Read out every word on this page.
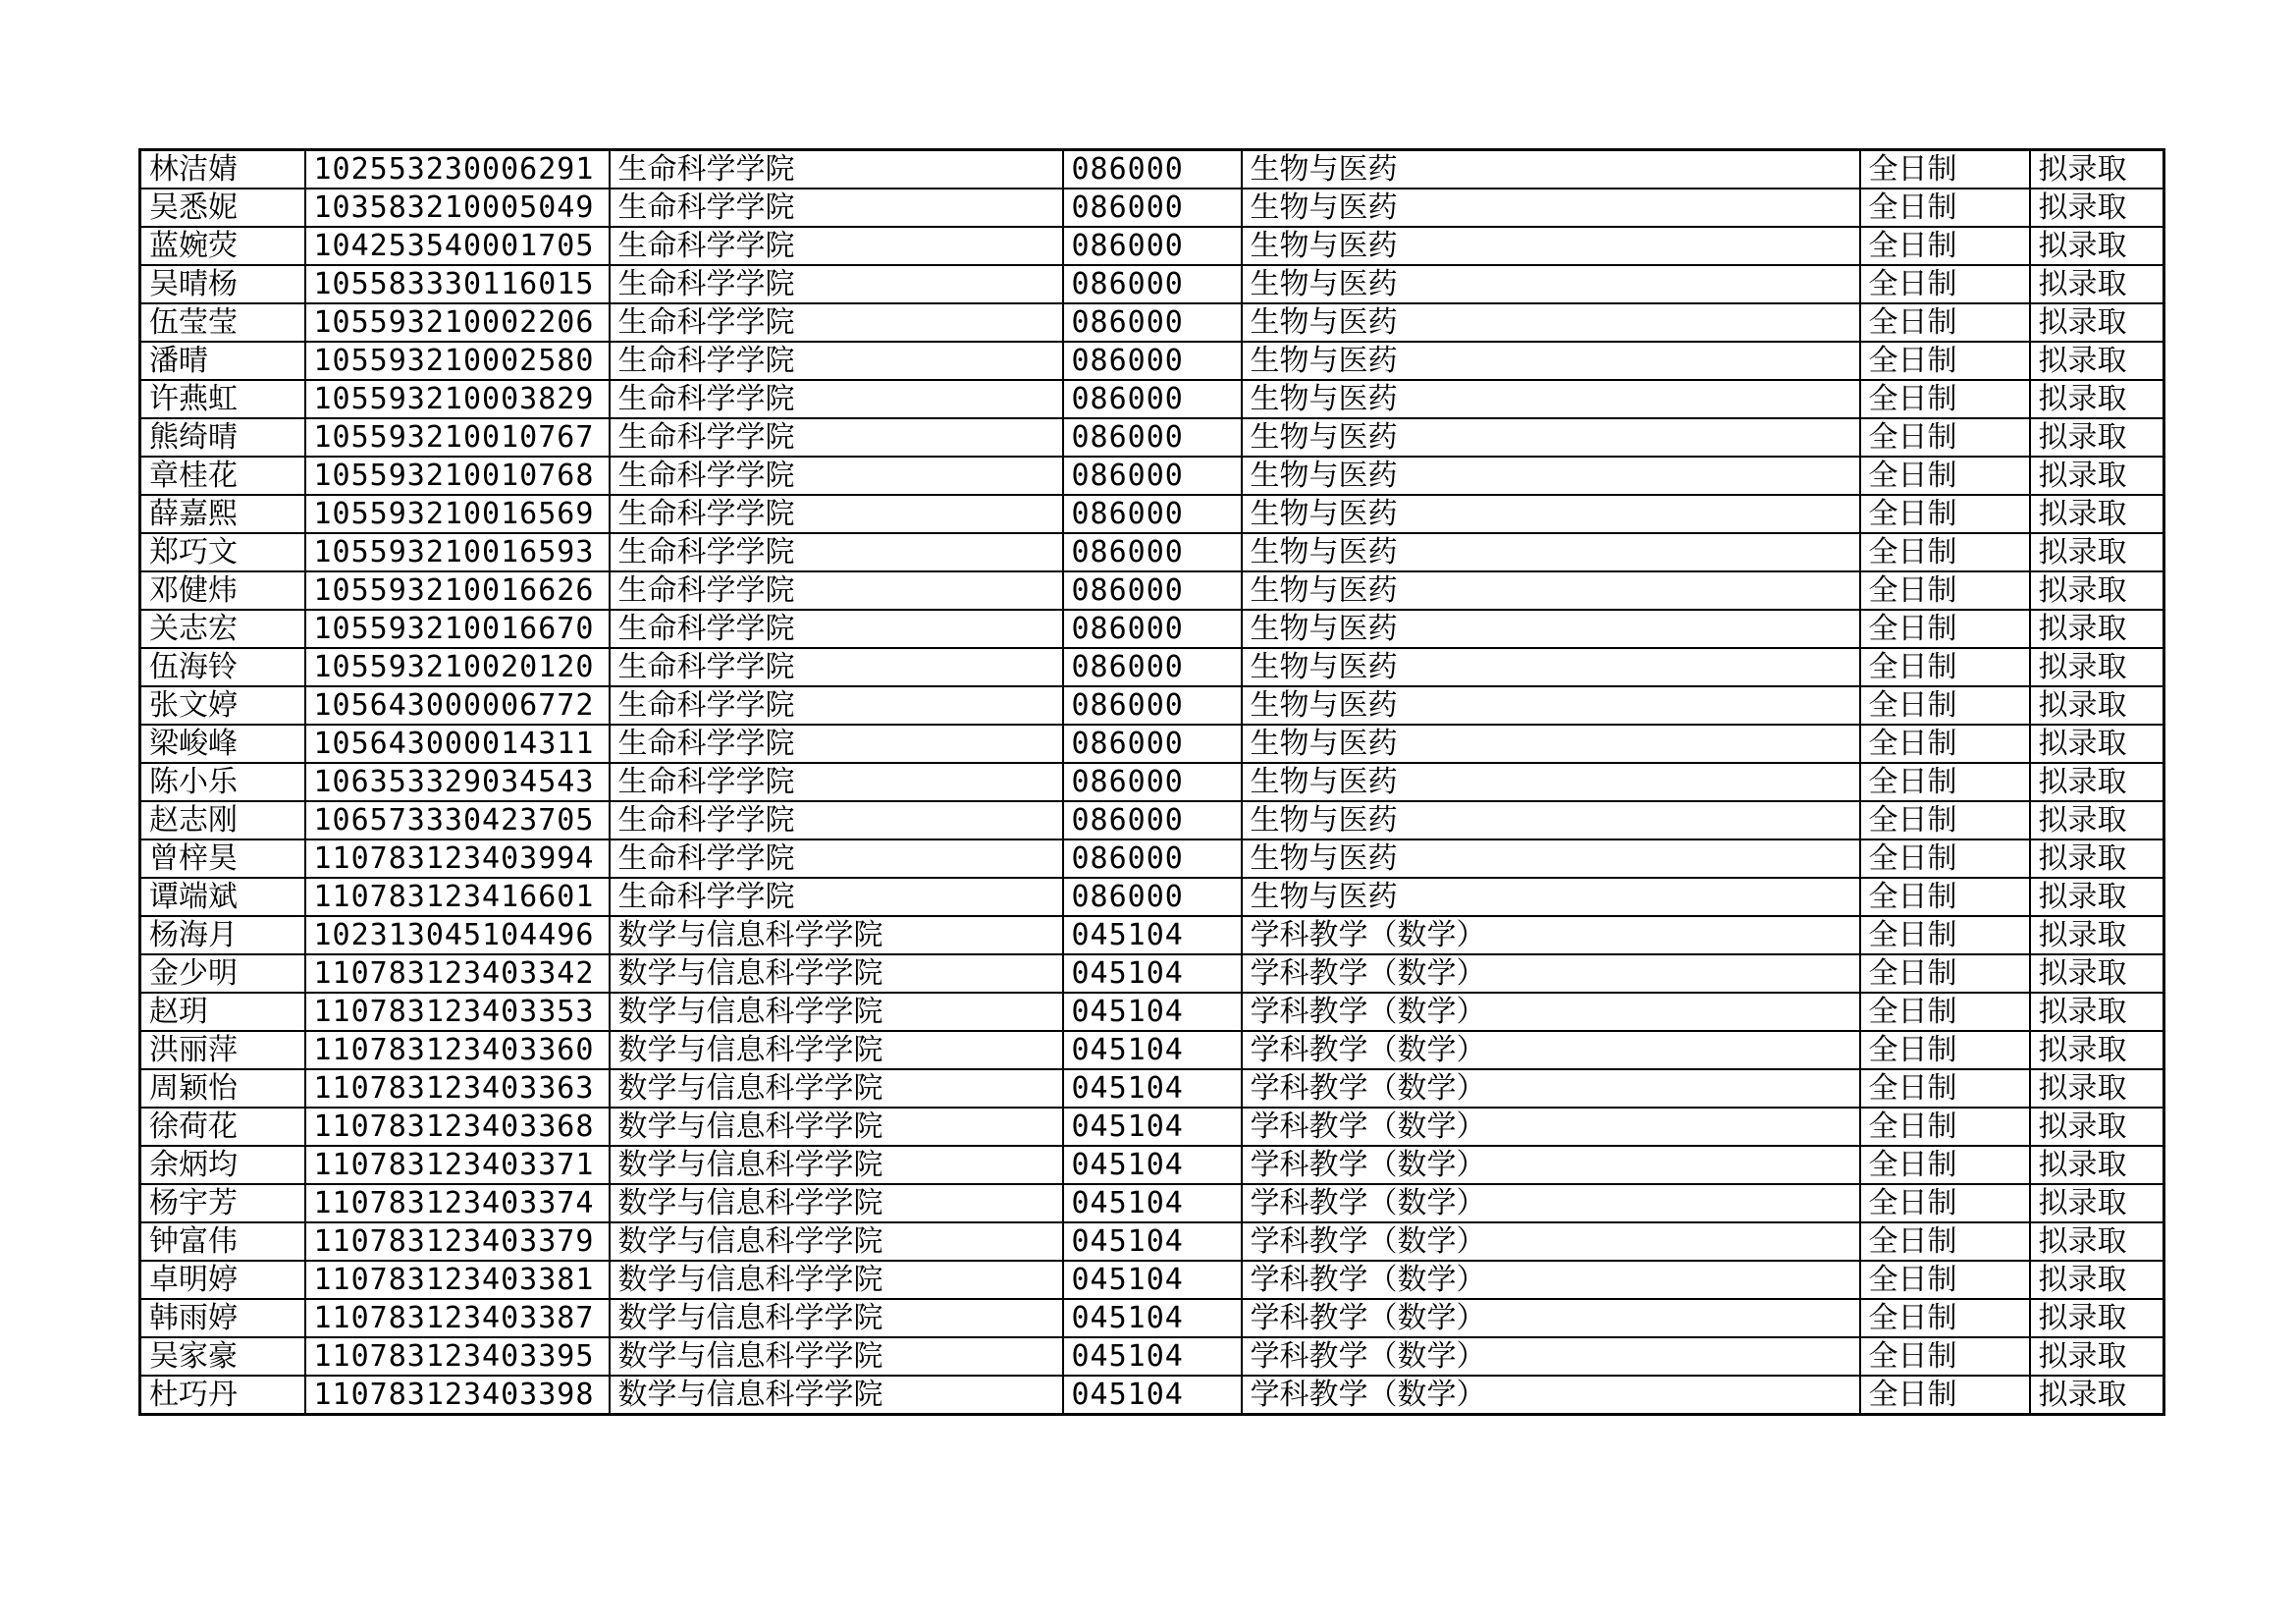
林洁婧	102553230006291	生命科学学院	086000	生物与医药	全日制	拟录取
吴悉妮	103583210005049	生命科学学院	086000	生物与医药	全日制	拟录取
蓝婉荧	104253540001705	生命科学学院	086000	生物与医药	全日制	拟录取
吴晴杨	105583330116015	生命科学学院	086000	生物与医药	全日制	拟录取
伍莹莹	105593210002206	生命科学学院	086000	生物与医药	全日制	拟录取
潘晴	105593210002580	生命科学学院	086000	生物与医药	全日制	拟录取
许燕虹	105593210003829	生命科学学院	086000	生物与医药	全日制	拟录取
熊绮晴	105593210010767	生命科学学院	086000	生物与医药	全日制	拟录取
章桂花	105593210010768	生命科学学院	086000	生物与医药	全日制	拟录取
薛嘉熙	105593210016569	生命科学学院	086000	生物与医药	全日制	拟录取
郑巧文	105593210016593	生命科学学院	086000	生物与医药	全日制	拟录取
邓健炜	105593210016626	生命科学学院	086000	生物与医药	全日制	拟录取
关志宏	105593210016670	生命科学学院	086000	生物与医药	全日制	拟录取
伍海铃	105593210020120	生命科学学院	086000	生物与医药	全日制	拟录取
张文婷	105643000006772	生命科学学院	086000	生物与医药	全日制	拟录取
梁峻峰	105643000014311	生命科学学院	086000	生物与医药	全日制	拟录取
陈小乐	106353329034543	生命科学学院	086000	生物与医药	全日制	拟录取
赵志刚	106573330423705	生命科学学院	086000	生物与医药	全日制	拟录取
曾梓昊	110783123403994	生命科学学院	086000	生物与医药	全日制	拟录取
谭端斌	110783123416601	生命科学学院	086000	生物与医药	全日制	拟录取
杨海月	102313045104496	数学与信息科学学院	045104	学科教学（数学）	全日制	拟录取
金少明	110783123403342	数学与信息科学学院	045104	学科教学（数学）	全日制	拟录取
赵玥	110783123403353	数学与信息科学学院	045104	学科教学（数学）	全日制	拟录取
洪丽萍	110783123403360	数学与信息科学学院	045104	学科教学（数学）	全日制	拟录取
周颖怡	110783123403363	数学与信息科学学院	045104	学科教学（数学）	全日制	拟录取
徐荷花	110783123403368	数学与信息科学学院	045104	学科教学（数学）	全日制	拟录取
余炳均	110783123403371	数学与信息科学学院	045104	学科教学（数学）	全日制	拟录取
杨宇芳	110783123403374	数学与信息科学学院	045104	学科教学（数学）	全日制	拟录取
钟富伟	110783123403379	数学与信息科学学院	045104	学科教学（数学）	全日制	拟录取
卓明婷	110783123403381	数学与信息科学学院	045104	学科教学（数学）	全日制	拟录取
韩雨婷	110783123403387	数学与信息科学学院	045104	学科教学（数学）	全日制	拟录取
吴家豪	110783123403395	数学与信息科学学院	045104	学科教学（数学）	全日制	拟录取
杜巧丹	110783123403398	数学与信息科学学院	045104	学科教学（数学）	全日制	拟录取
